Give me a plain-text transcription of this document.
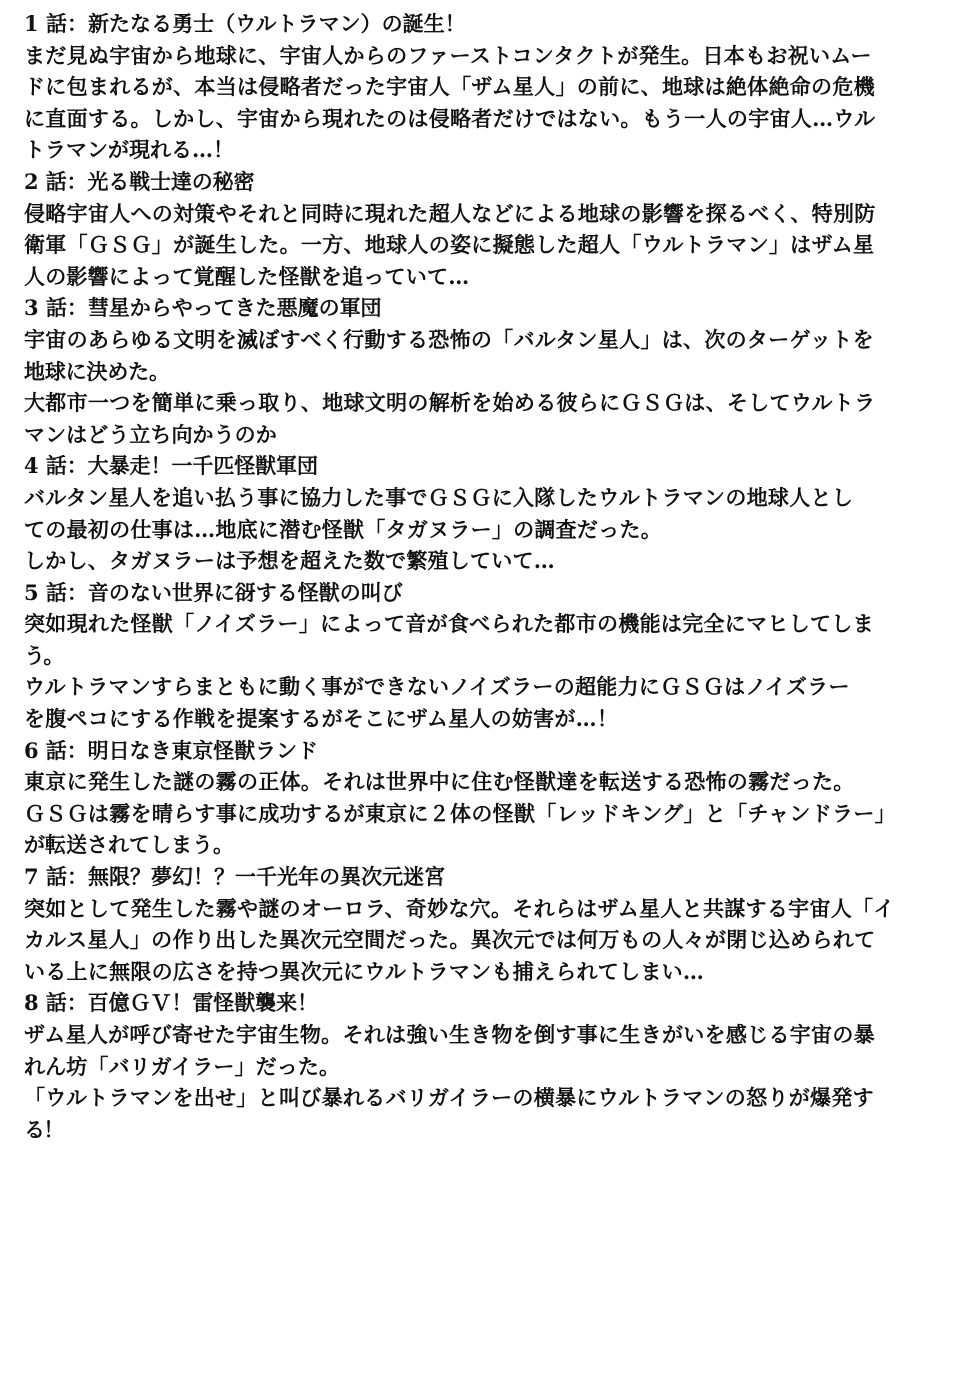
1 話：新たなる勇士（ウルトラマン）の誕生！
まだ見ぬ宇宙から地球に、宇宙人からのファーストコンタクトが発生。日本もお祝いムー
ドに包まれるが、本当は侵略者だった宇宙人「ザム星人」の前に、地球は絶体絶命の危機
に直面する。しかし、宇宙から現れたのは侵略者だけではない。もう一人の宇宙人…ウル
トラマンが現れる…！
2 話：光る戦士達の秘密
侵略宇宙人への対策やそれと同時に現れた超人などによる地球の影響を探るべく、特別防
衛軍「ＧＳＧ」が誕生した。一方、地球人の姿に擬態した超人「ウルトラマン」はザム星
人の影響によって覚醒した怪獣を追っていて…
3 話：彗星からやってきた悪魔の軍団
宇宙のあらゆる文明を滅ぼすべく行動する恐怖の「バルタン星人」は、次のターゲットを
地球に決めた。
大都市一つを簡単に乗っ取り、地球文明の解析を始める彼らにＧＳＧは、そしてウルトラ
マンはどう立ち向かうのか
4 話：大暴走！一千匹怪獣軍団
バルタン星人を追い払う事に協力した事でＧＳＧに入隊したウルトラマンの地球人とし
ての最初の仕事は…地底に潜む怪獣「タガヌラー」の調査だった。
しかし、タガヌラーは予想を超えた数で繁殖していて…
5 話：音のない世界に谺する怪獣の叫び
突如現れた怪獣「ノイズラー」によって音が食べられた都市の機能は完全にマヒしてしま
う。
ウルトラマンすらまともに動く事ができないノイズラーの超能力にＧＳＧはノイズラー
を腹ペコにする作戦を提案するがそこにザム星人の妨害が…！
6 話：明日なき東京怪獣ランド
東京に発生した謎の霧の正体。それは世界中に住む怪獣達を転送する恐怖の霧だった。
ＧＳＧは霧を晴らす事に成功するが東京に２体の怪獣「レッドキング」と「チャンドラー」
が転送されてしまう。
7 話：無限？夢幻！？一千光年の異次元迷宮
突如として発生した霧や謎のオーロラ、奇妙な穴。それらはザム星人と共謀する宇宙人「イ
カルス星人」の作り出した異次元空間だった。異次元では何万もの人々が閉じ込められて
いる上に無限の広さを持つ異次元にウルトラマンも捕えられてしまい…
8 話：百億ＧＶ！雷怪獣襲来！
ザム星人が呼び寄せた宇宙生物。それは強い生き物を倒す事に生きがいを感じる宇宙の暴
れん坊「バリガイラー」だった。
「ウルトラマンを出せ」と叫び暴れるバリガイラーの横暴にウルトラマンの怒りが爆発す
る！
